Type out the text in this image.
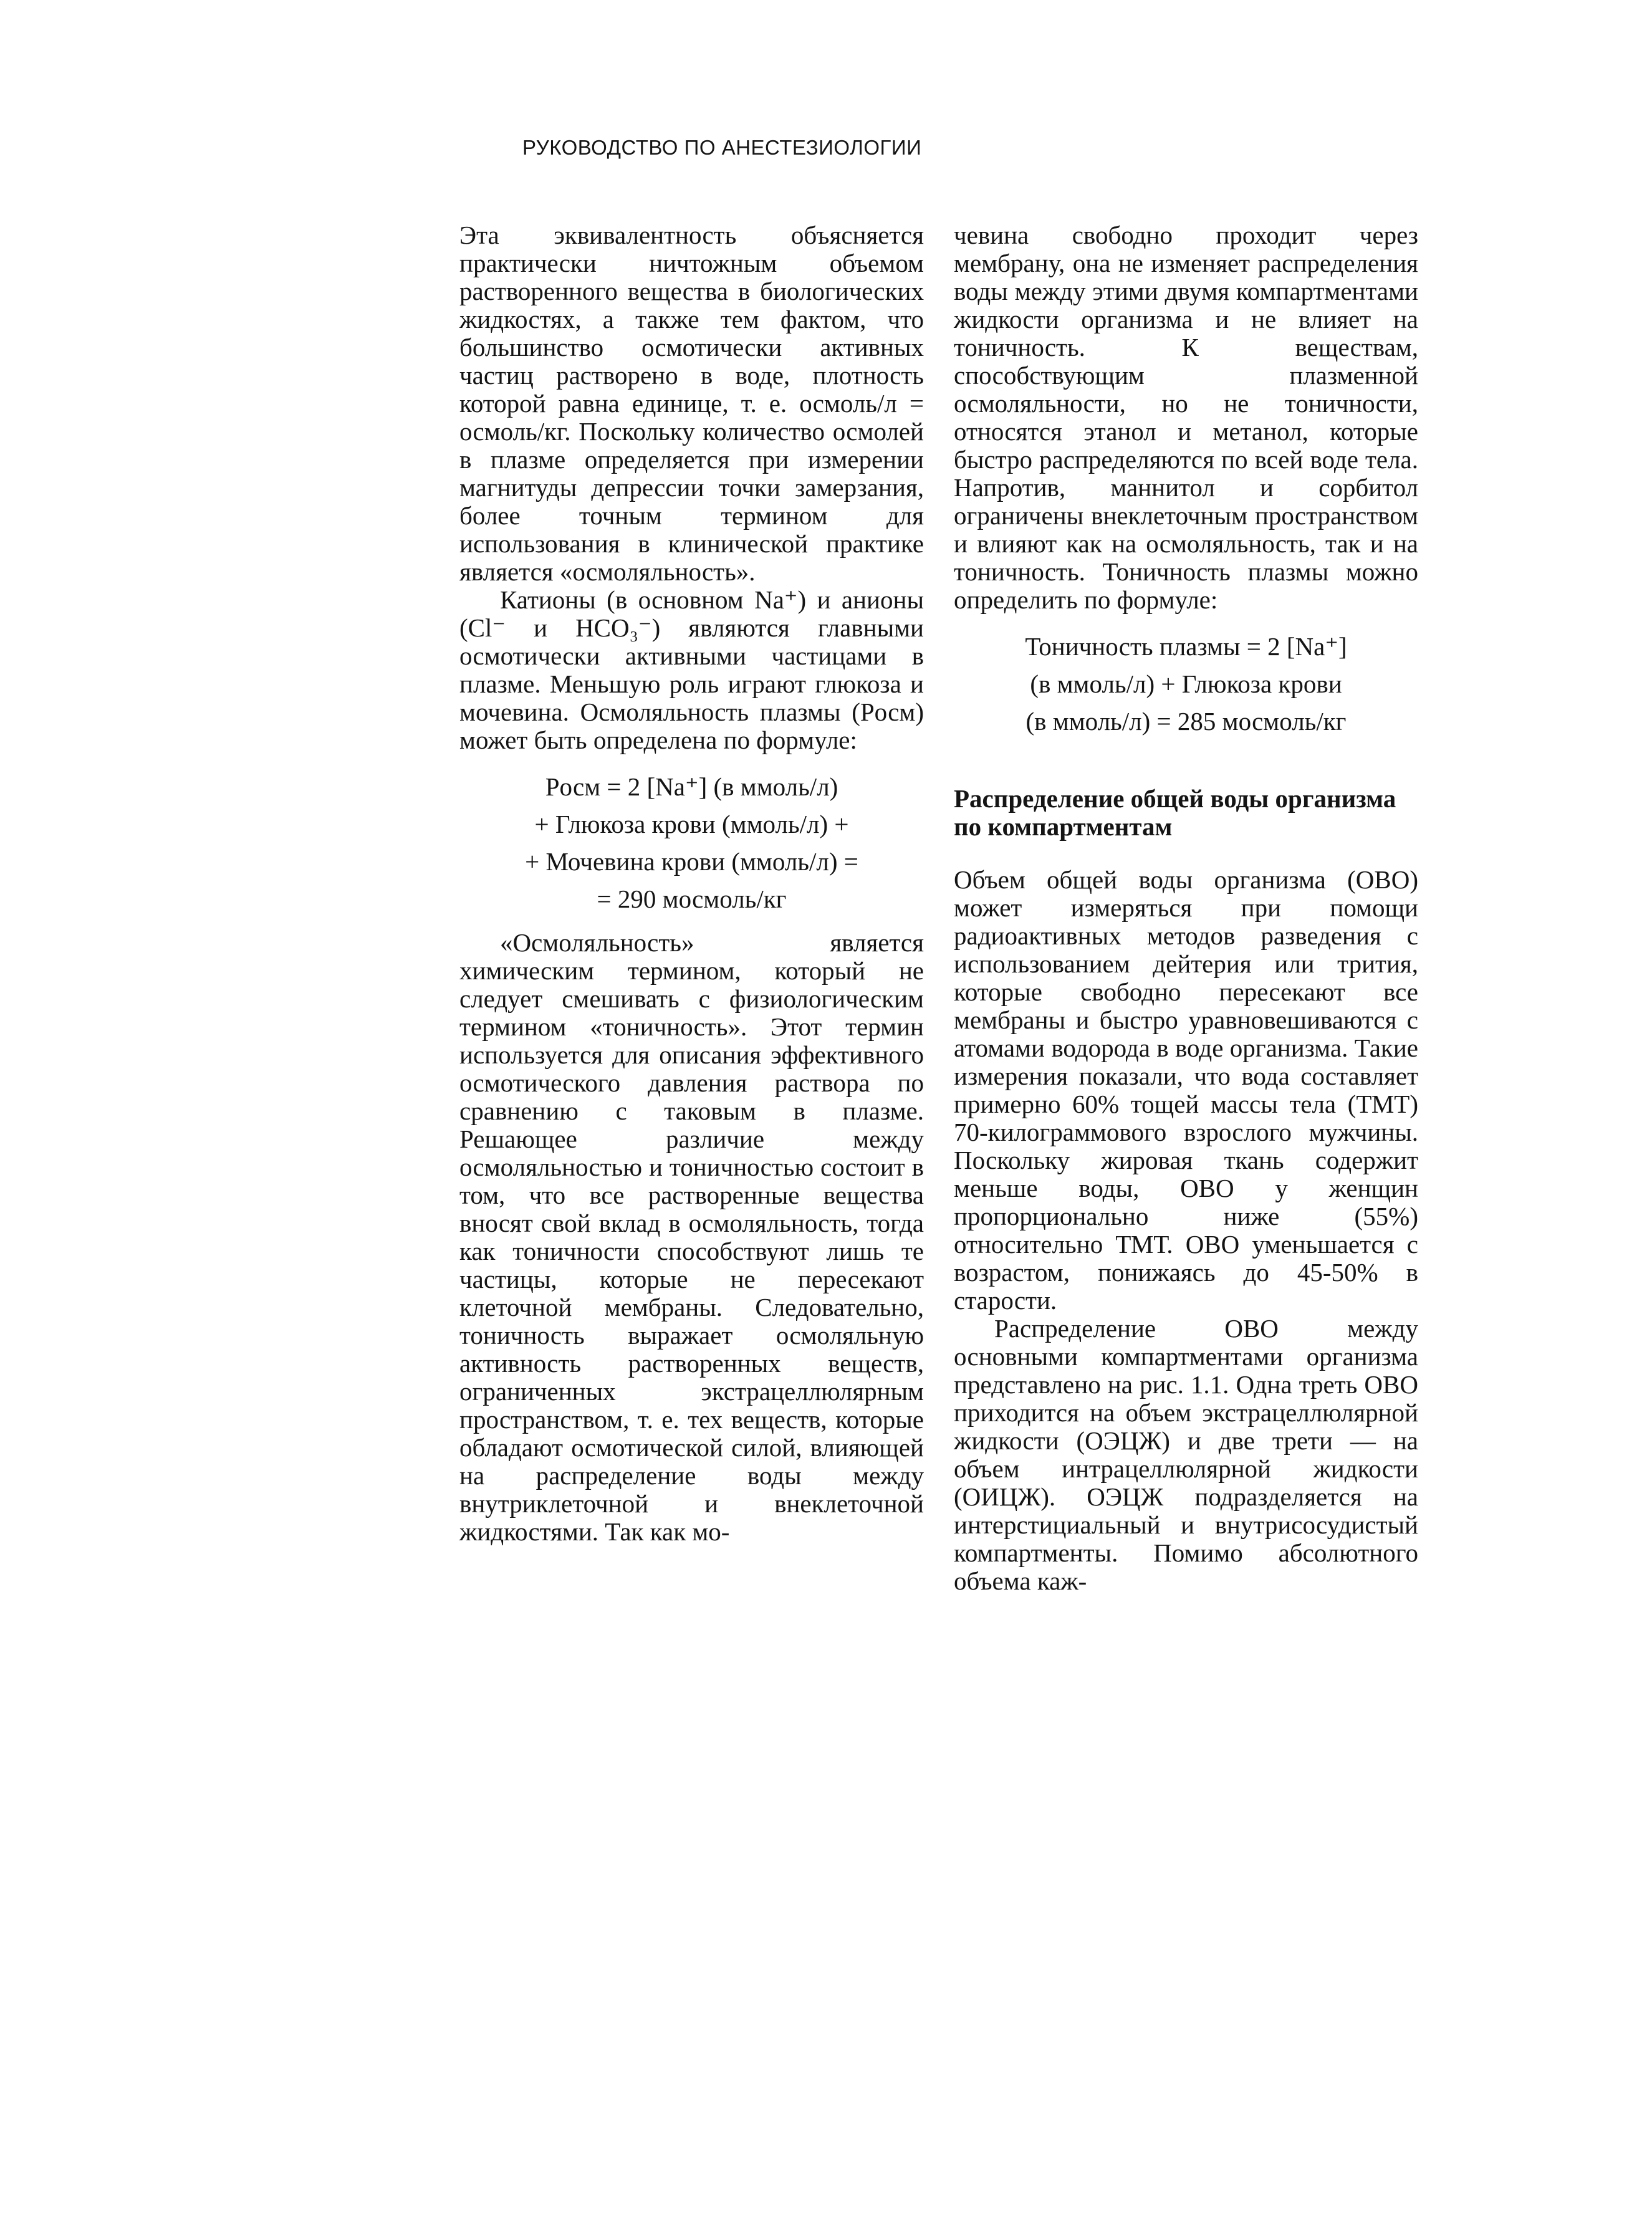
РУКОВОДСТВО ПО АНЕСТЕЗИОЛОГИИ

Эта эквивалентность объясняется практически ничтожным объемом растворенного вещества в биологических жидкостях, а также тем фактом, что большинство осмотически активных частиц растворено в воде, плотность которой равна единице, т. е. осмоль/л = осмоль/кг. Поскольку количество осмолей в плазме определяется при измерении магнитуды депрессии точки замерзания, более точным термином для использования в клинической практике является «осмоляльность».

Катионы (в основном Na⁺) и анионы (Cl⁻ и HCO₃⁻) являются главными осмотически активными частицами в плазме. Меньшую роль играют глюкоза и мочевина. Осмоляльность плазмы (Pосм) может быть определена по формуле:

Pосм = 2 [Na⁺] (в ммоль/л)
+ Глюкоза крови (ммоль/л) +
+ Мочевина крови (ммоль/л) =
= 290 мосмоль/кг

«Осмоляльность» является химическим термином, который не следует смешивать с физиологическим термином «тоничность». Этот термин используется для описания эффективного осмотического давления раствора по сравнению с таковым в плазме. Решающее различие между осмоляльностью и тоничностью состоит в том, что все растворенные вещества вносят свой вклад в осмоляльность, тогда как тоничности способствуют лишь те частицы, которые не пересекают клеточной мембраны. Следовательно, тоничность выражает осмоляльную активность растворенных веществ, ограниченных экстрацеллюлярным пространством, т. е. тех веществ, которые обладают осмотической силой, влияющей на распределение воды между внутриклеточной и внеклеточной жидкостями. Так как мо-

чевина свободно проходит через мембрану, она не изменяет распределения воды между этими двумя компартментами жидкости организма и не влияет на тоничность. К веществам, способствующим плазменной осмоляльности, но не тоничности, относятся этанол и метанол, которые быстро распределяются по всей воде тела. Напротив, маннитол и сорбитол ограничены внеклеточным пространством и влияют как на осмоляльность, так и на тоничность. Тоничность плазмы можно определить по формуле:

Тоничность плазмы = 2 [Na⁺]
(в ммоль/л) + Глюкоза крови
(в ммоль/л) = 285 мосмоль/кг
Распределение общей воды организма по компартментам

Объем общей воды организма (ОВО) может измеряться при помощи радиоактивных методов разведения с использованием дейтерия или трития, которые свободно пересекают все мембраны и быстро уравновешиваются с атомами водорода в воде организма. Такие измерения показали, что вода составляет примерно 60% тощей массы тела (ТМТ) 70-килограммового взрослого мужчины. Поскольку жировая ткань содержит меньше воды, ОВО у женщин пропорционально ниже (55%) относительно ТМТ. ОВО уменьшается с возрастом, понижаясь до 45-50% в старости.

Распределение ОВО между основными компартментами организма представлено на рис. 1.1. Одна треть ОВО приходится на объем экстрацеллюлярной жидкости (ОЭЦЖ) и две трети — на объем интрацеллюлярной жидкости (ОИЦЖ). ОЭЦЖ подразделяется на интерстициальный и внутрисосудистый компартменты. Помимо абсолютного объема каж-
